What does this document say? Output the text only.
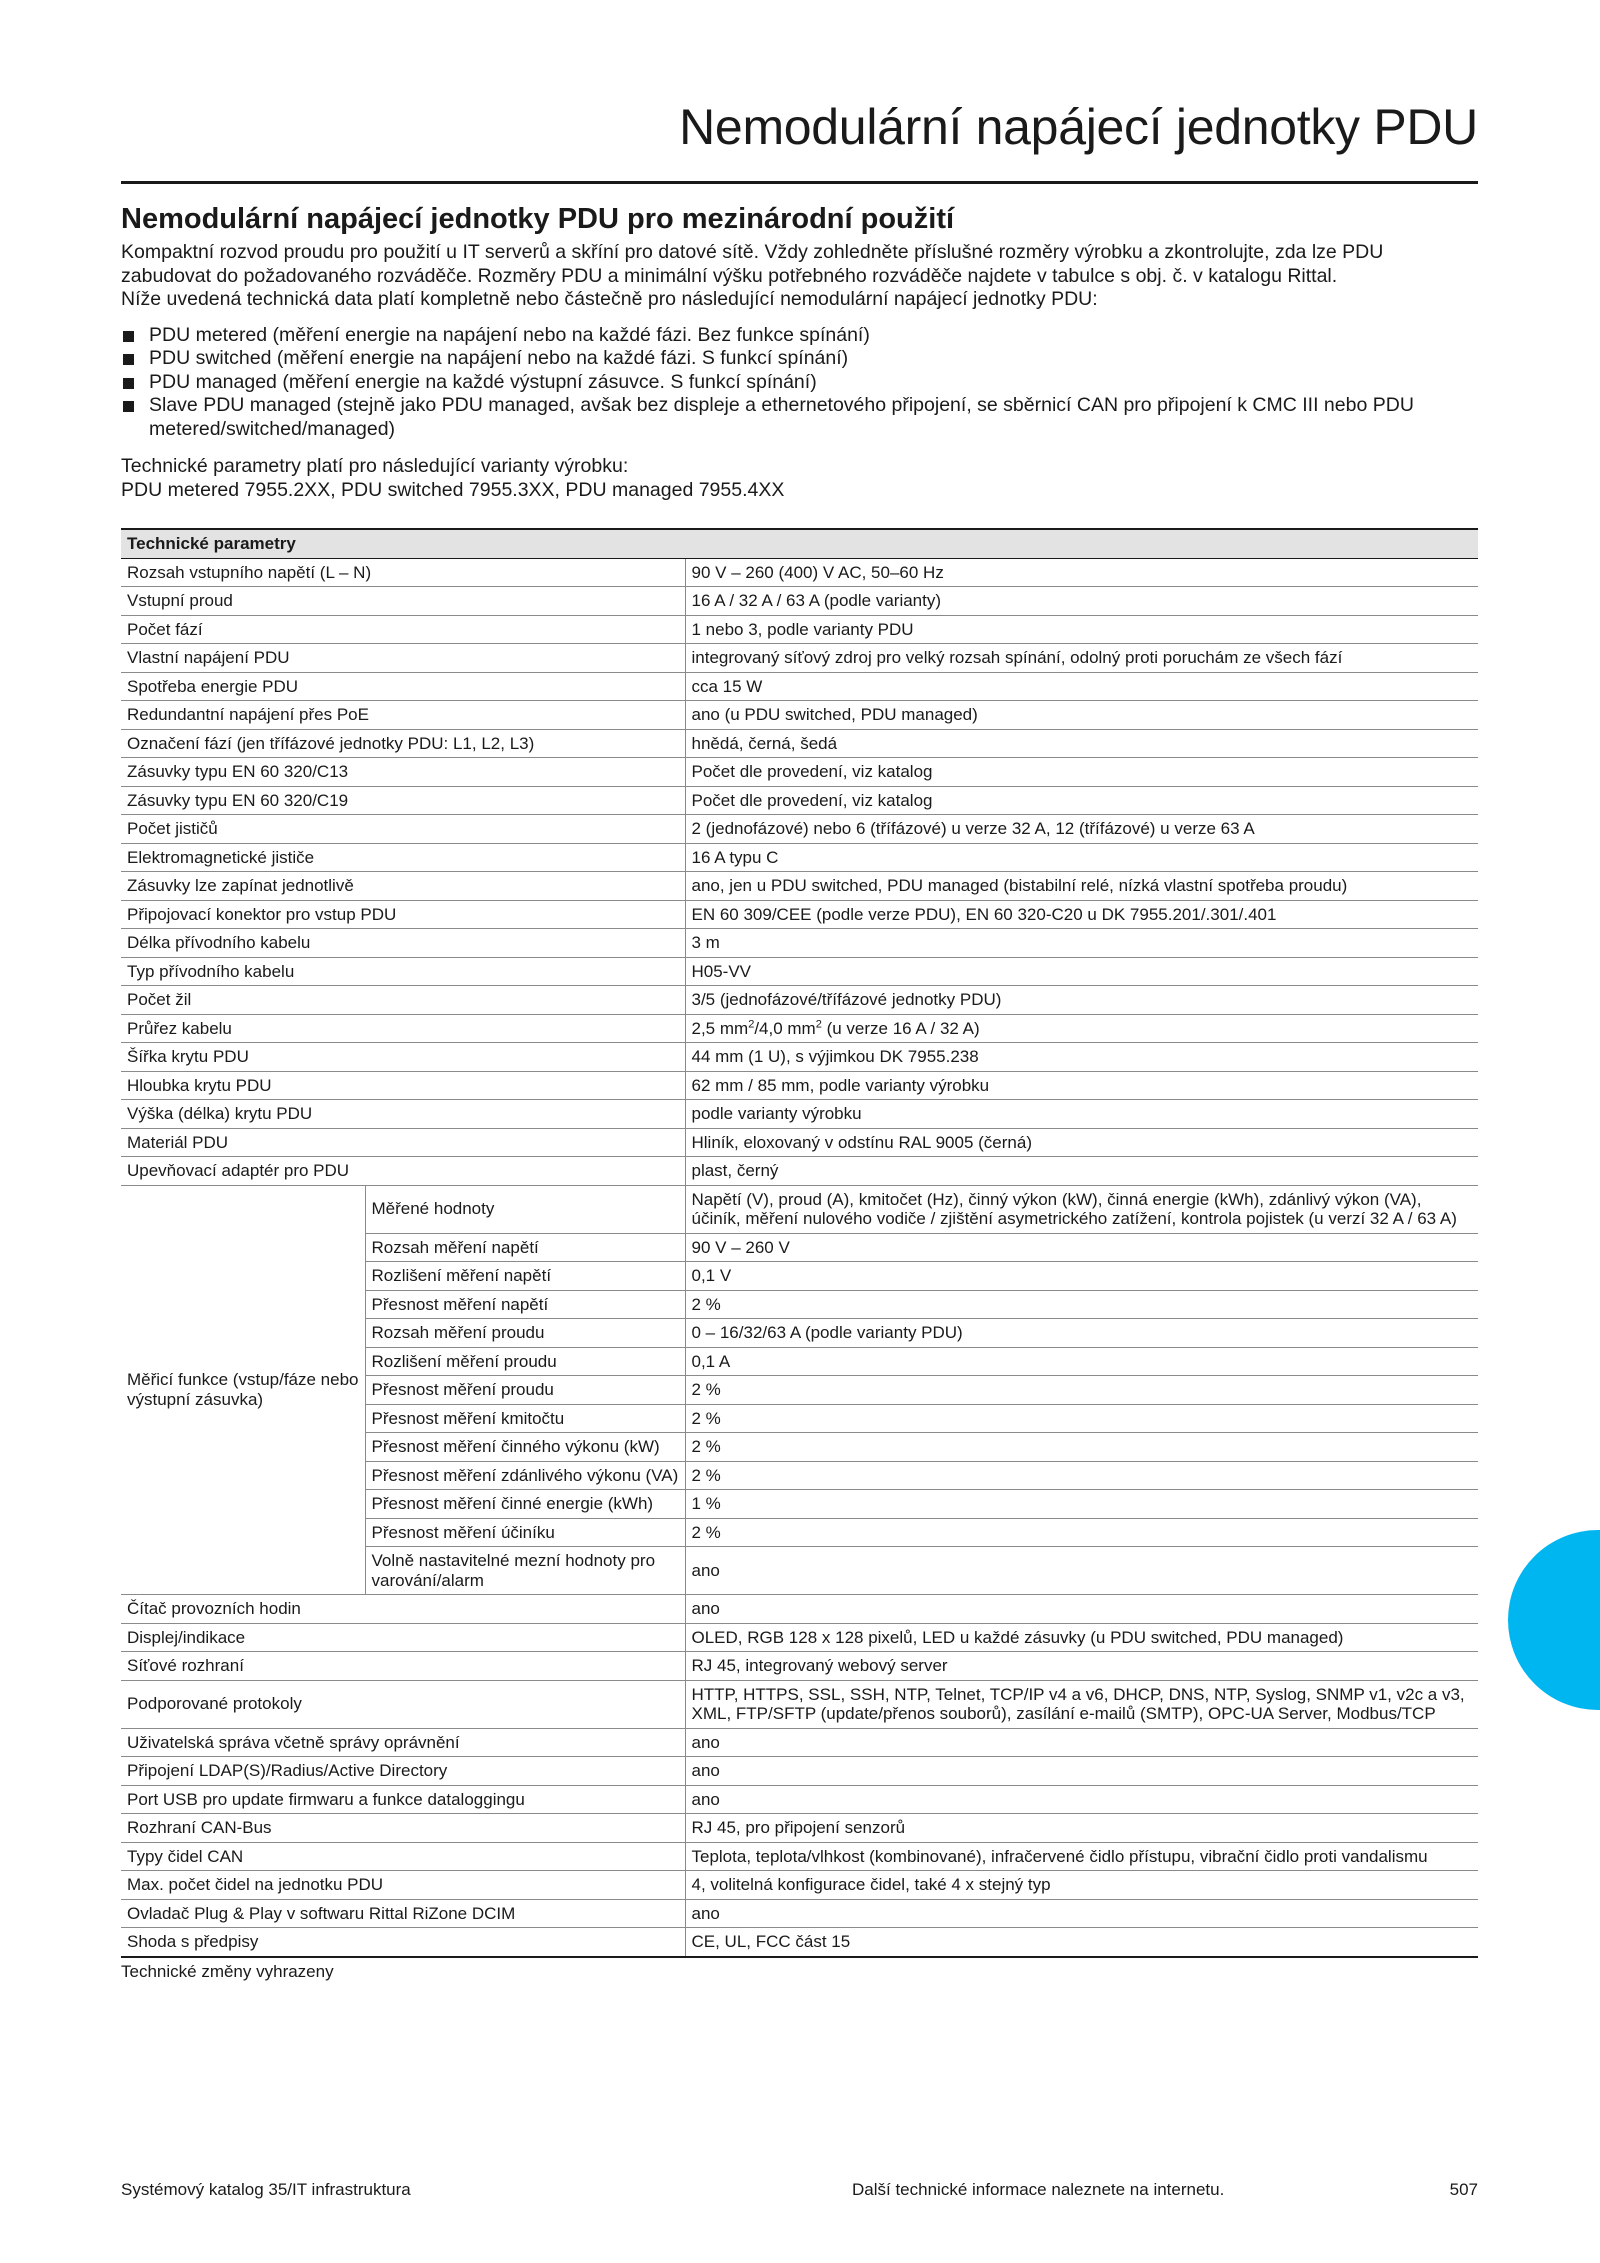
Nemodulární napájecí jednotky PDU
Nemodulární napájecí jednotky PDU pro mezinárodní použití

Kompaktní rozvod proudu pro použití u IT serverů a skříní pro datové sítě. Vždy zohledněte příslušné rozměry výrobku a zkontrolujte, zda lze PDU

zabudovat do požadovaného rozváděče. Rozměry PDU a minimální výšku potřebného rozváděče najdete v tabulce s obj. č. v katalogu Rittal.

Níže uvedená technická data platí kompletně nebo částečně pro následující nemodulární napájecí jednotky PDU:

PDU metered (měření energie na napájení nebo na každé fázi. Bez funkce spínání)
PDU switched (měření energie na napájení nebo na každé fázi. S funkcí spínání)
PDU managed (měření energie na každé výstupní zásuvce. S funkcí spínání)
Slave PDU managed (stejně jako PDU managed, avšak bez displeje a ethernetového připojení, se sběrnicí CAN pro připojení k CMC III nebo PDU metered/switched/managed)

Technické parametry platí pro následující varianty výrobku:

PDU metered 7955.2XX, PDU switched 7955.3XX, PDU managed 7955.4XX

Technické parametry		
Rozsah vstupního napětí (L – N)		90 V – 260 (400) V AC, 50–60 Hz
Vstupní proud		16 A / 32 A / 63 A (podle varianty)
Počet fází		1 nebo 3, podle varianty PDU
Vlastní napájení PDU		integrovaný síťový zdroj pro velký rozsah spínání, odolný proti poruchám ze všech fází
Spotřeba energie PDU		cca 15 W
Redundantní napájení přes PoE		ano (u PDU switched, PDU managed)
Označení fází (jen třífázové jednotky PDU: L1, L2, L3)		hnědá, černá, šedá
Zásuvky typu EN 60 320/C13		Počet dle provedení, viz katalog
Zásuvky typu EN 60 320/C19		Počet dle provedení, viz katalog
Počet jističů		2 (jednofázové) nebo 6 (třífázové) u verze 32 A, 12 (třífázové) u verze 63 A
Elektromagnetické jističe		16 A typu C
Zásuvky lze zapínat jednotlivě		ano, jen u PDU switched, PDU managed (bistabilní relé, nízká vlastní spotřeba proudu)
Připojovací konektor pro vstup PDU		EN 60 309/CEE (podle verze PDU), EN 60 320-C20 u DK 7955.201/.301/.401
Délka přívodního kabelu		3 m
Typ přívodního kabelu		H05-VV
Počet žil		3/5 (jednofázové/třífázové jednotky PDU)
Průřez kabelu		2,5 $mm^2/4,0$ $mm^2$ (u verze 16 A / 32 A)
Šířka krytu PDU		44 mm (1 U), s výjimkou DK 7955.238
Hloubka krytu PDU		62 mm / 85 mm, podle varianty výrobku
Výška (délka) krytu PDU		podle varianty výrobku
Materiál PDU		Hliník, eloxovaný v odstínu RAL 9005 (černá)
Upevňovací adaptér pro PDU		plast, černý
Měřicí funkce (vstup/fáze nebo výstupní zásuvka)	Měřené hodnoty	Napětí (V), proud (A), kmitočet (Hz), činný výkon (kW), činná energie (kWh), zdánlivý výkon (VA), účiník, měření nulového vodiče / zjištění asymetrického zatížení, kontrola pojistek (u verzí 32 A / 63 A)
	Rozsah měření napětí	90 V – 260 V
	Rozlišení měření napětí	0,1 V
	Přesnost měření napětí	2 %
	Rozsah měření proudu	0 – 16/32/63 A (podle varianty PDU)
	Rozlišení měření proudu	0,1 A
	Přesnost měření proudu	2 %
	Přesnost měření kmitočtu	2 %
	Přesnost měření činného výkonu (kW)	2 %
	Přesnost měření zdánlivého výkonu (VA)	2 %
	Přesnost měření činné energie (kWh)	1 %
	Přesnost měření účiníku	2 %
	Volně nastavitelné mezní hodnoty pro varování/alarm	ano
Čítač provozních hodin		ano
Displej/indikace		OLED, RGB 128 x 128 pixelů, LED u každé zásuvky (u PDU switched, PDU managed)
Síťové rozhraní		RJ 45, integrovaný webový server
Podporované protokoly		HTTP, HTTPS, SSL, SSH, NTP, Telnet, TCP/IP v4 a v6, DHCP, DNS, NTP, Syslog, SNMP v1, v2c a v3, XML, FTP/SFTP (update/přenos souborů), zasílání e-mailů (SMTP), OPC-UA Server, Modbus/TCP
Uživatelská správa včetně správy oprávnění		ano
Připojení LDAP(S)/Radius/Active Directory		ano
Port USB pro update firmwaru a funkce dataloggingu		ano
Rozhraní CAN-Bus		RJ 45, pro připojení senzorů
Typy čidel CAN		Teplota, teplota/vlhkost (kombinované), infračervené čidlo přístupu, vibrační čidlo proti vandalismu
Max. počet čidel na jednotku PDU		4, volitelná konfigurace čidel, také 4 x stejný typ
Ovladač Plug & Play v softwaru Rittal RiZone DCIM		ano
Shoda s předpisy		CE, UL, FCC část 15
Technické změny vyhrazeny
Systémový katalog 35/IT infrastruktura	Další technické informace naleznete na internetu.	507
